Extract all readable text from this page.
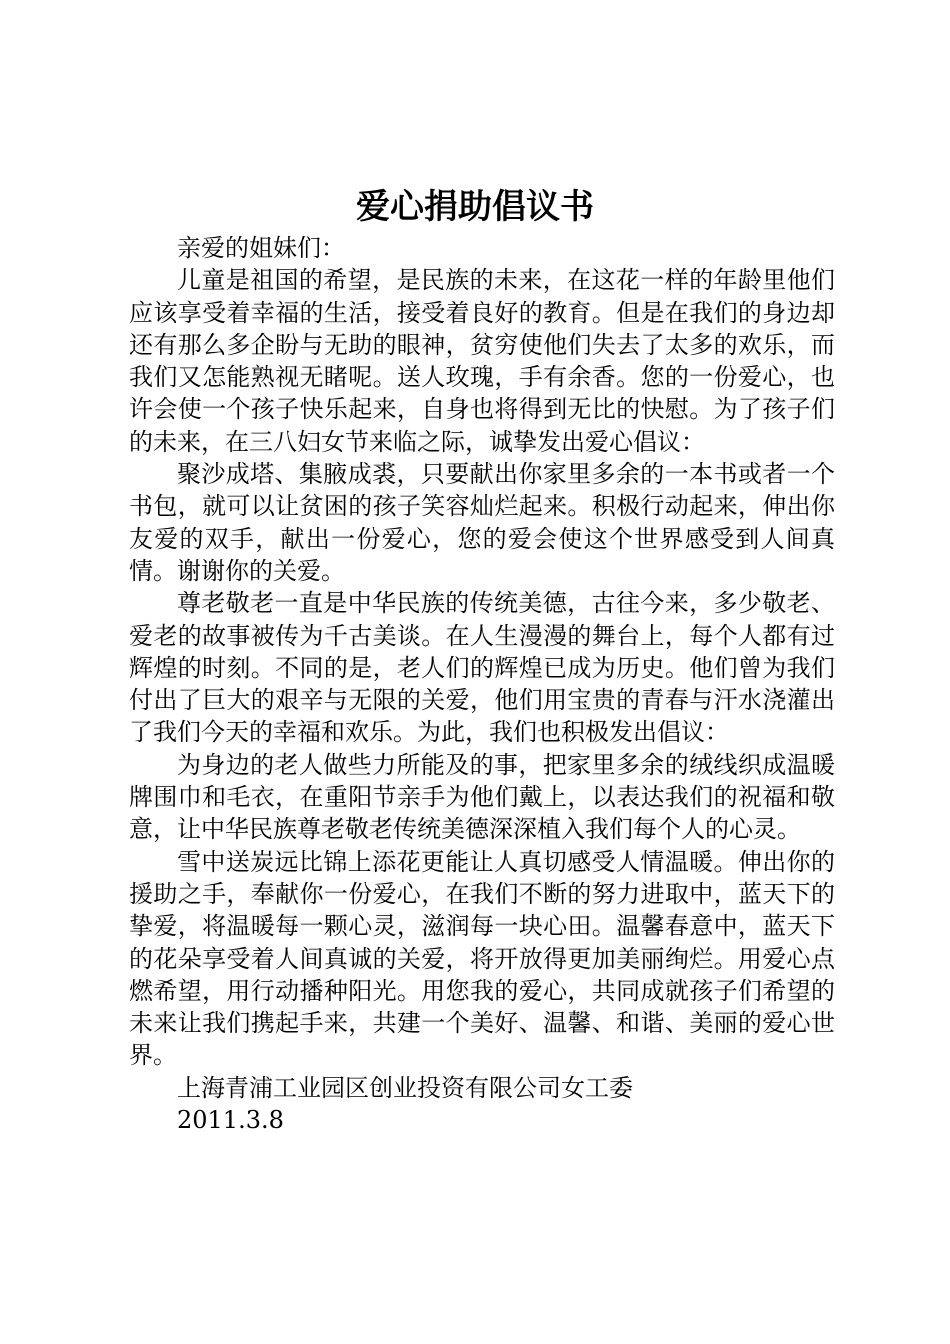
爱心捐助倡议书

亲爱的姐妹们：

儿童是祖国的希望，是民族的未来，在这花一样的年龄里他们应该享受着幸福的生活，接受着良好的教育。但是在我们的身边却还有那么多企盼与无助的眼神，贫穷使他们失去了太多的欢乐，而我们又怎能熟视无睹呢。送人玫瑰，手有余香。您的一份爱心，也许会使一个孩子快乐起来，自身也将得到无比的快慰。为了孩子们的未来，在三八妇女节来临之际，诚挚发出爱心倡议：

聚沙成塔、集腋成裘，只要献出你家里多余的一本书或者一个书包，就可以让贫困的孩子笑容灿烂起来。积极行动起来，伸出你友爱的双手，献出一份爱心，您的爱会使这个世界感受到人间真情。谢谢你的关爱。

尊老敬老一直是中华民族的传统美德，古往今来，多少敬老、爱老的故事被传为千古美谈。在人生漫漫的舞台上，每个人都有过辉煌的时刻。不同的是，老人们的辉煌已成为历史。他们曾为我们付出了巨大的艰辛与无限的关爱，他们用宝贵的青春与汗水浇灌出了我们今天的幸福和欢乐。为此，我们也积极发出倡议：

为身边的老人做些力所能及的事，把家里多余的绒线织成温暖牌围巾和毛衣，在重阳节亲手为他们戴上，以表达我们的祝福和敬意，让中华民族尊老敬老传统美德深深植入我们每个人的心灵。

雪中送炭远比锦上添花更能让人真切感受人情温暖。伸出你的援助之手，奉献你一份爱心，在我们不断的努力进取中，蓝天下的挚爱，将温暖每一颗心灵，滋润每一块心田。温馨春意中，蓝天下的花朵享受着人间真诚的关爱，将开放得更加美丽绚烂。用爱心点燃希望，用行动播种阳光。用您我的爱心，共同成就孩子们希望的未来让我们携起手来，共建一个美好、温馨、和谐、美丽的爱心世界。

上海青浦工业园区创业投资有限公司女工委

2011.3.8
